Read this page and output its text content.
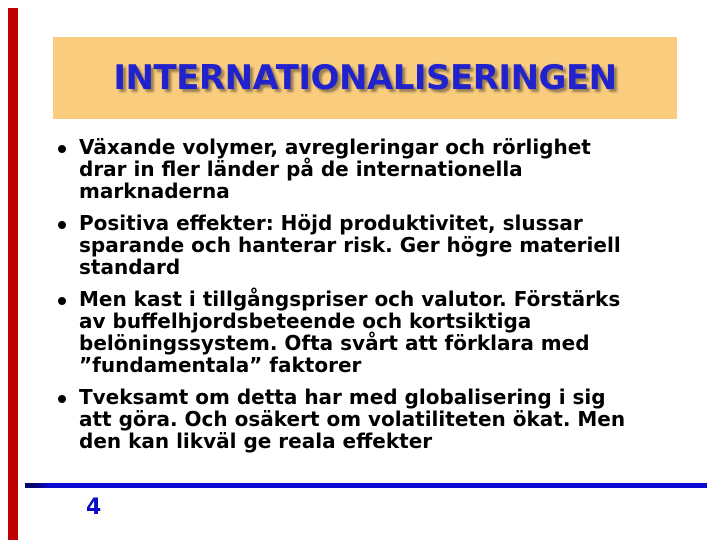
INTERNATIONALISERINGEN
Växande volymer, avregleringar och rörlighet
drar in fler länder på de internationella
marknaderna
Positiva effekter: Höjd produktivitet, slussar
sparande och hanterar risk. Ger högre materiell
standard
Men kast i tillgångspriser och valutor. Förstärks
av buffelhjordsbeteende och kortsiktiga
belöningssystem. Ofta svårt att förklara med
”fundamentala” faktorer
Tveksamt om detta har med globalisering i sig
att göra. Och osäkert om volatiliteten ökat. Men
den kan likväl ge reala effekter
4
